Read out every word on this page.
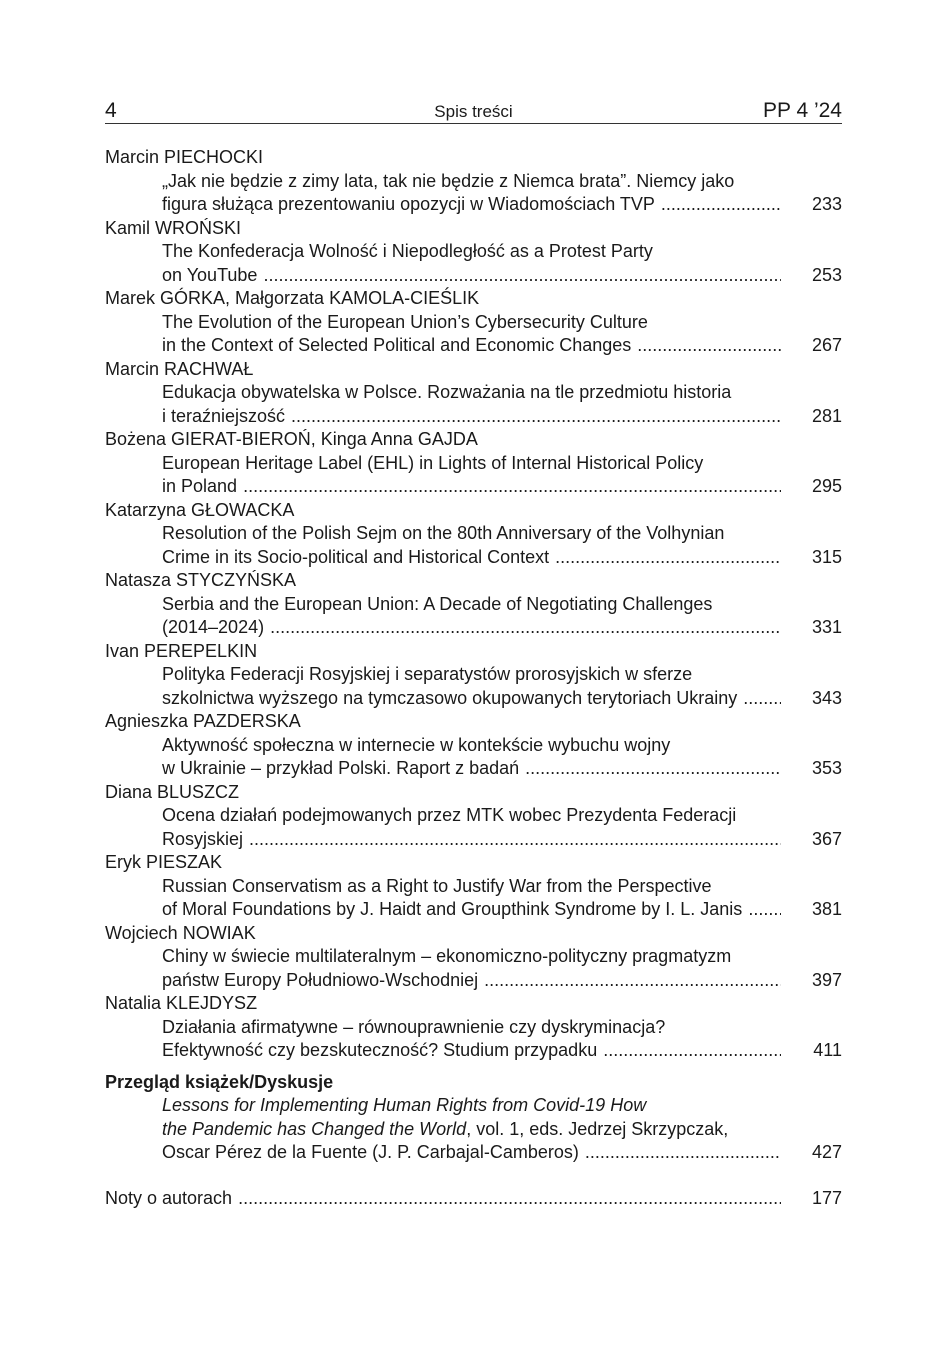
4	Spis treści	PP 4 ’24
Marcin PIECHOCKI
„Jak nie będzie z zimy lata, tak nie będzie z Niemca brata”. Niemcy jako
figura służąca prezentowaniu opozycji w Wiadomościach TVP .....	233
Kamil WROŃSKI
The Konfederacja Wolność i Niepodległość as a Protest Party
on YouTube .....	253
Marek GÓRKA, Małgorzata KAMOLA-CIEŚLIK
The Evolution of the European Union’s Cybersecurity Culture
in the Context of Selected Political and Economic Changes .....	267
Marcin RACHWAŁ
Edukacja obywatelska w Polsce. Rozważania na tle przedmiotu historia
i teraźniejszość .....	281
Bożena GIERAT-BIEROŃ, Kinga Anna GAJDA
European Heritage Label (EHL) in Lights of Internal Historical Policy
in Poland .....	295
Katarzyna GŁOWACKA
Resolution of the Polish Sejm on the 80th Anniversary of the Volhynian
Crime in its Socio-political and Historical Context .....	315
Natasza STYCZYŃSKA
Serbia and the European Union: A Decade of Negotiating Challenges
(2014–2024) .....	331
Ivan PEREPELKIN
Polityka Federacji Rosyjskiej i separatystów prorosyjskich w sferze
szkolnictwa wyższego na tymczasowo okupowanych terytoriach Ukrainy .....	343
Agnieszka PAZDERSKA
Aktywność społeczna w internecie w kontekście wybuchu wojny
w Ukrainie – przykład Polski. Raport z badań .....	353
Diana BLUSZCZ
Ocena działań podejmowanych przez MTK wobec Prezydenta Federacji
Rosyjskiej .....	367
Eryk PIESZAK
Russian Conservatism as a Right to Justify War from the Perspective
of Moral Foundations by J. Haidt and Groupthink Syndrome by I. L. Janis .....	381
Wojciech NOWIAK
Chiny w świecie multilateralnym – ekonomiczno-polityczny pragmatyzm
państw Europy Południowo-Wschodniej .....	397
Natalia KLEJDYSZ
Działania afirmatywne – równouprawnienie czy dyskryminacja?
Efektywność czy bezskuteczność? Studium przypadku .....	411
Przegląd książek/Dyskusje
Lessons for Implementing Human Rights from Covid-19 How
the Pandemic has Changed the World, vol. 1, eds. Jedrzej Skrzypczak,
Oscar Pérez de la Fuente (J. P. Carbajal-Camberos) .....	427
Noty o autorach .....	177
